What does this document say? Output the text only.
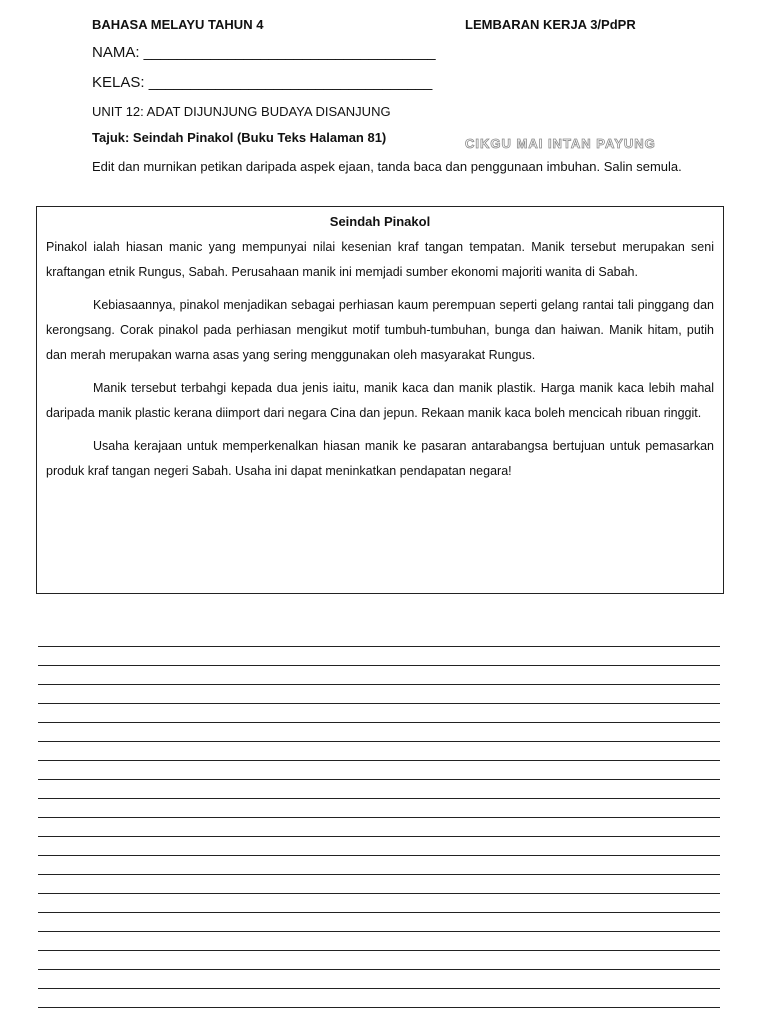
BAHASA MELAYU TAHUN 4	LEMBARAN KERJA 3/PdPR
NAMA: ___________________________________
KELAS: __________________________________
UNIT 12: ADAT DIJUNJUNG BUDAYA DISANJUNG
Tajuk: Seindah Pinakol (Buku Teks Halaman 81)	CIKGU MAI INTAN PAYUNG
Edit dan murnikan petikan daripada aspek ejaan, tanda baca dan penggunaan imbuhan. Salin semula.
Seindah Pinakol

Pinakol ialah hiasan manic yang mempunyai nilai kesenian kraf tangan tempatan. Manik tersebut merupakan seni kraftangan etnik Rungus, Sabah. Perusahaan manik ini memjadi sumber ekonomi majoriti wanita di Sabah.

Kebiasaannya, pinakol menjadikan sebagai perhiasan kaum perempuan seperti gelang rantai tali pinggang dan kerongsang. Corak pinakol pada perhiasan mengikut motif tumbuh-tumbuhan, bunga dan haiwan. Manik hitam, putih dan merah merupakan warna asas yang sering menggunakan oleh masyarakat Rungus.

Manik tersebut terbahgi kepada dua jenis iaitu, manik kaca dan manik plastik. Harga manik kaca lebih mahal daripada manik plastic kerana diimport dari negara Cina dan jepun. Rekaan manik kaca boleh mencicah ribuan ringgit.

Usaha kerajaan untuk memperkenalkan hiasan manik ke pasaran antarabangsa bertujuan untuk pemasarkan produk kraf tangan negeri Sabah. Usaha ini dapat meninkatkan pendapatan negara!
